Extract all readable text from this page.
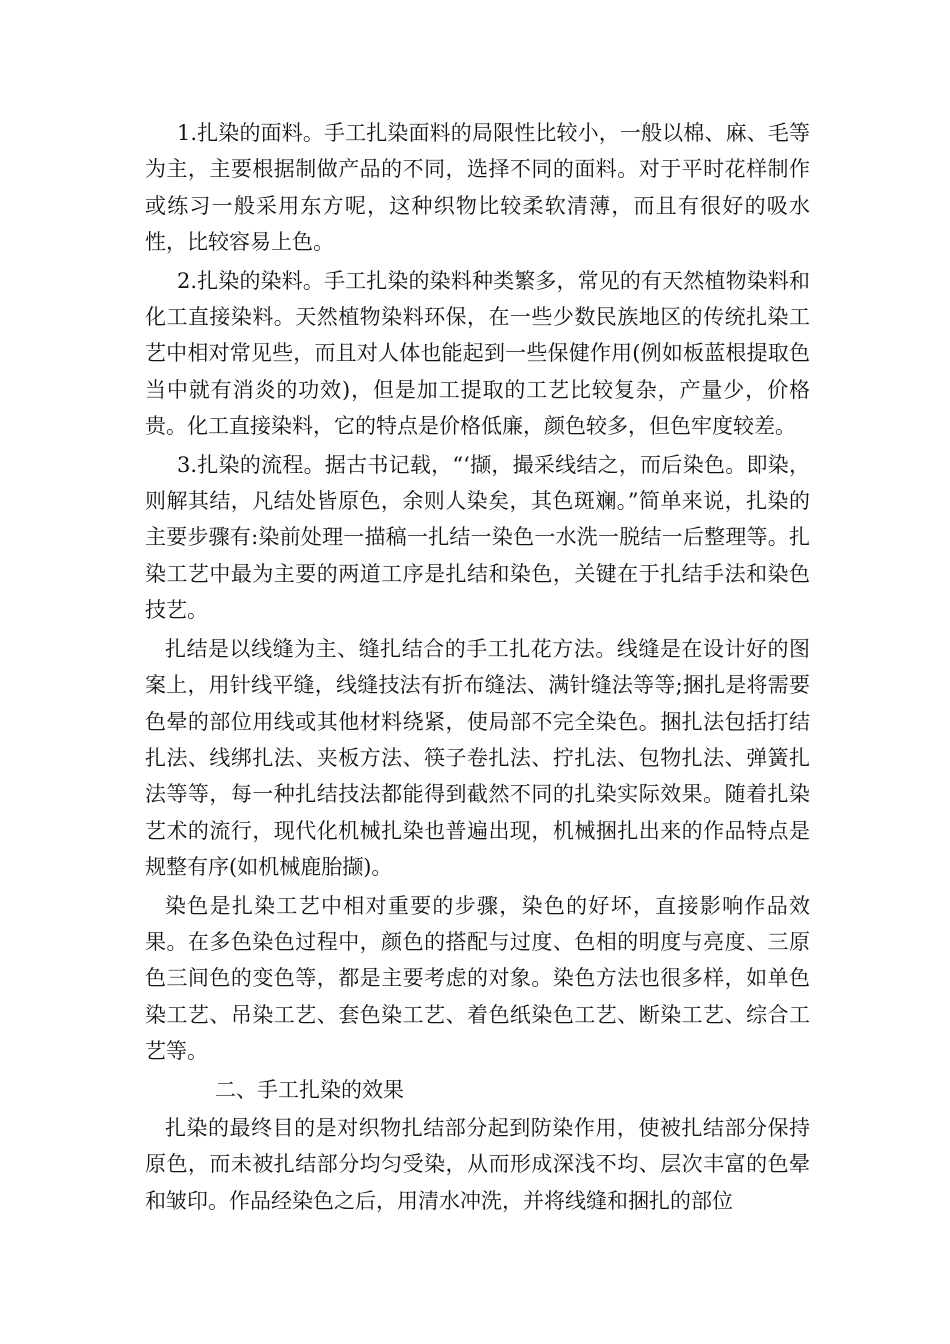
1.扎染的面料。手工扎染面料的局限性比较小，一般以棉、麻、毛等为主，主要根据制做产品的不同，选择不同的面料。对于平时花样制作或练习一般采用东方呢，这种织物比较柔软清薄，而且有很好的吸水性，比较容易上色。

2.扎染的染料。手工扎染的染料种类繁多，常见的有天然植物染料和化工直接染料。天然植物染料环保，在一些少数民族地区的传统扎染工艺中相对常见些，而且对人体也能起到一些保健作用(例如板蓝根提取色当中就有消炎的功效)，但是加工提取的工艺比较复杂，产量少，价格贵。化工直接染料，它的特点是价格低廉，颜色较多，但色牢度较差。

3.扎染的流程。据古书记载，“‘撷，撮采线结之，而后染色。即染，则解其结，凡结处皆原色，余则人染矣，其色斑斓。”简单来说，扎染的主要步骤有:染前处理一描稿一扎结一染色一水洗一脱结一后整理等。扎染工艺中最为主要的两道工序是扎结和染色，关键在于扎结手法和染色技艺。

扎结是以线缝为主、缝扎结合的手工扎花方法。线缝是在设计好的图案上，用针线平缝，线缝技法有折布缝法、满针缝法等等;捆扎是将需要色晕的部位用线或其他材料绕紧，使局部不完全染色。捆扎法包括打结扎法、线绑扎法、夹板方法、筷子卷扎法、拧扎法、包物扎法、弹簧扎法等等，每一种扎结技法都能得到截然不同的扎染实际效果。随着扎染艺术的流行，现代化机械扎染也普遍出现，机械捆扎出来的作品特点是规整有序(如机械鹿胎撷)。

染色是扎染工艺中相对重要的步骤，染色的好坏，直接影响作品效果。在多色染色过程中，颜色的搭配与过度、色相的明度与亮度、三原色三间色的变色等，都是主要考虑的对象。染色方法也很多样，如单色染工艺、吊染工艺、套色染工艺、着色纸染色工艺、断染工艺、综合工艺等。

二、手工扎染的效果

扎染的最终目的是对织物扎结部分起到防染作用，使被扎结部分保持原色，而未被扎结部分均匀受染，从而形成深浅不均、层次丰富的色晕和皱印。作品经染色之后，用清水冲洗，并将线缝和捆扎的部位
